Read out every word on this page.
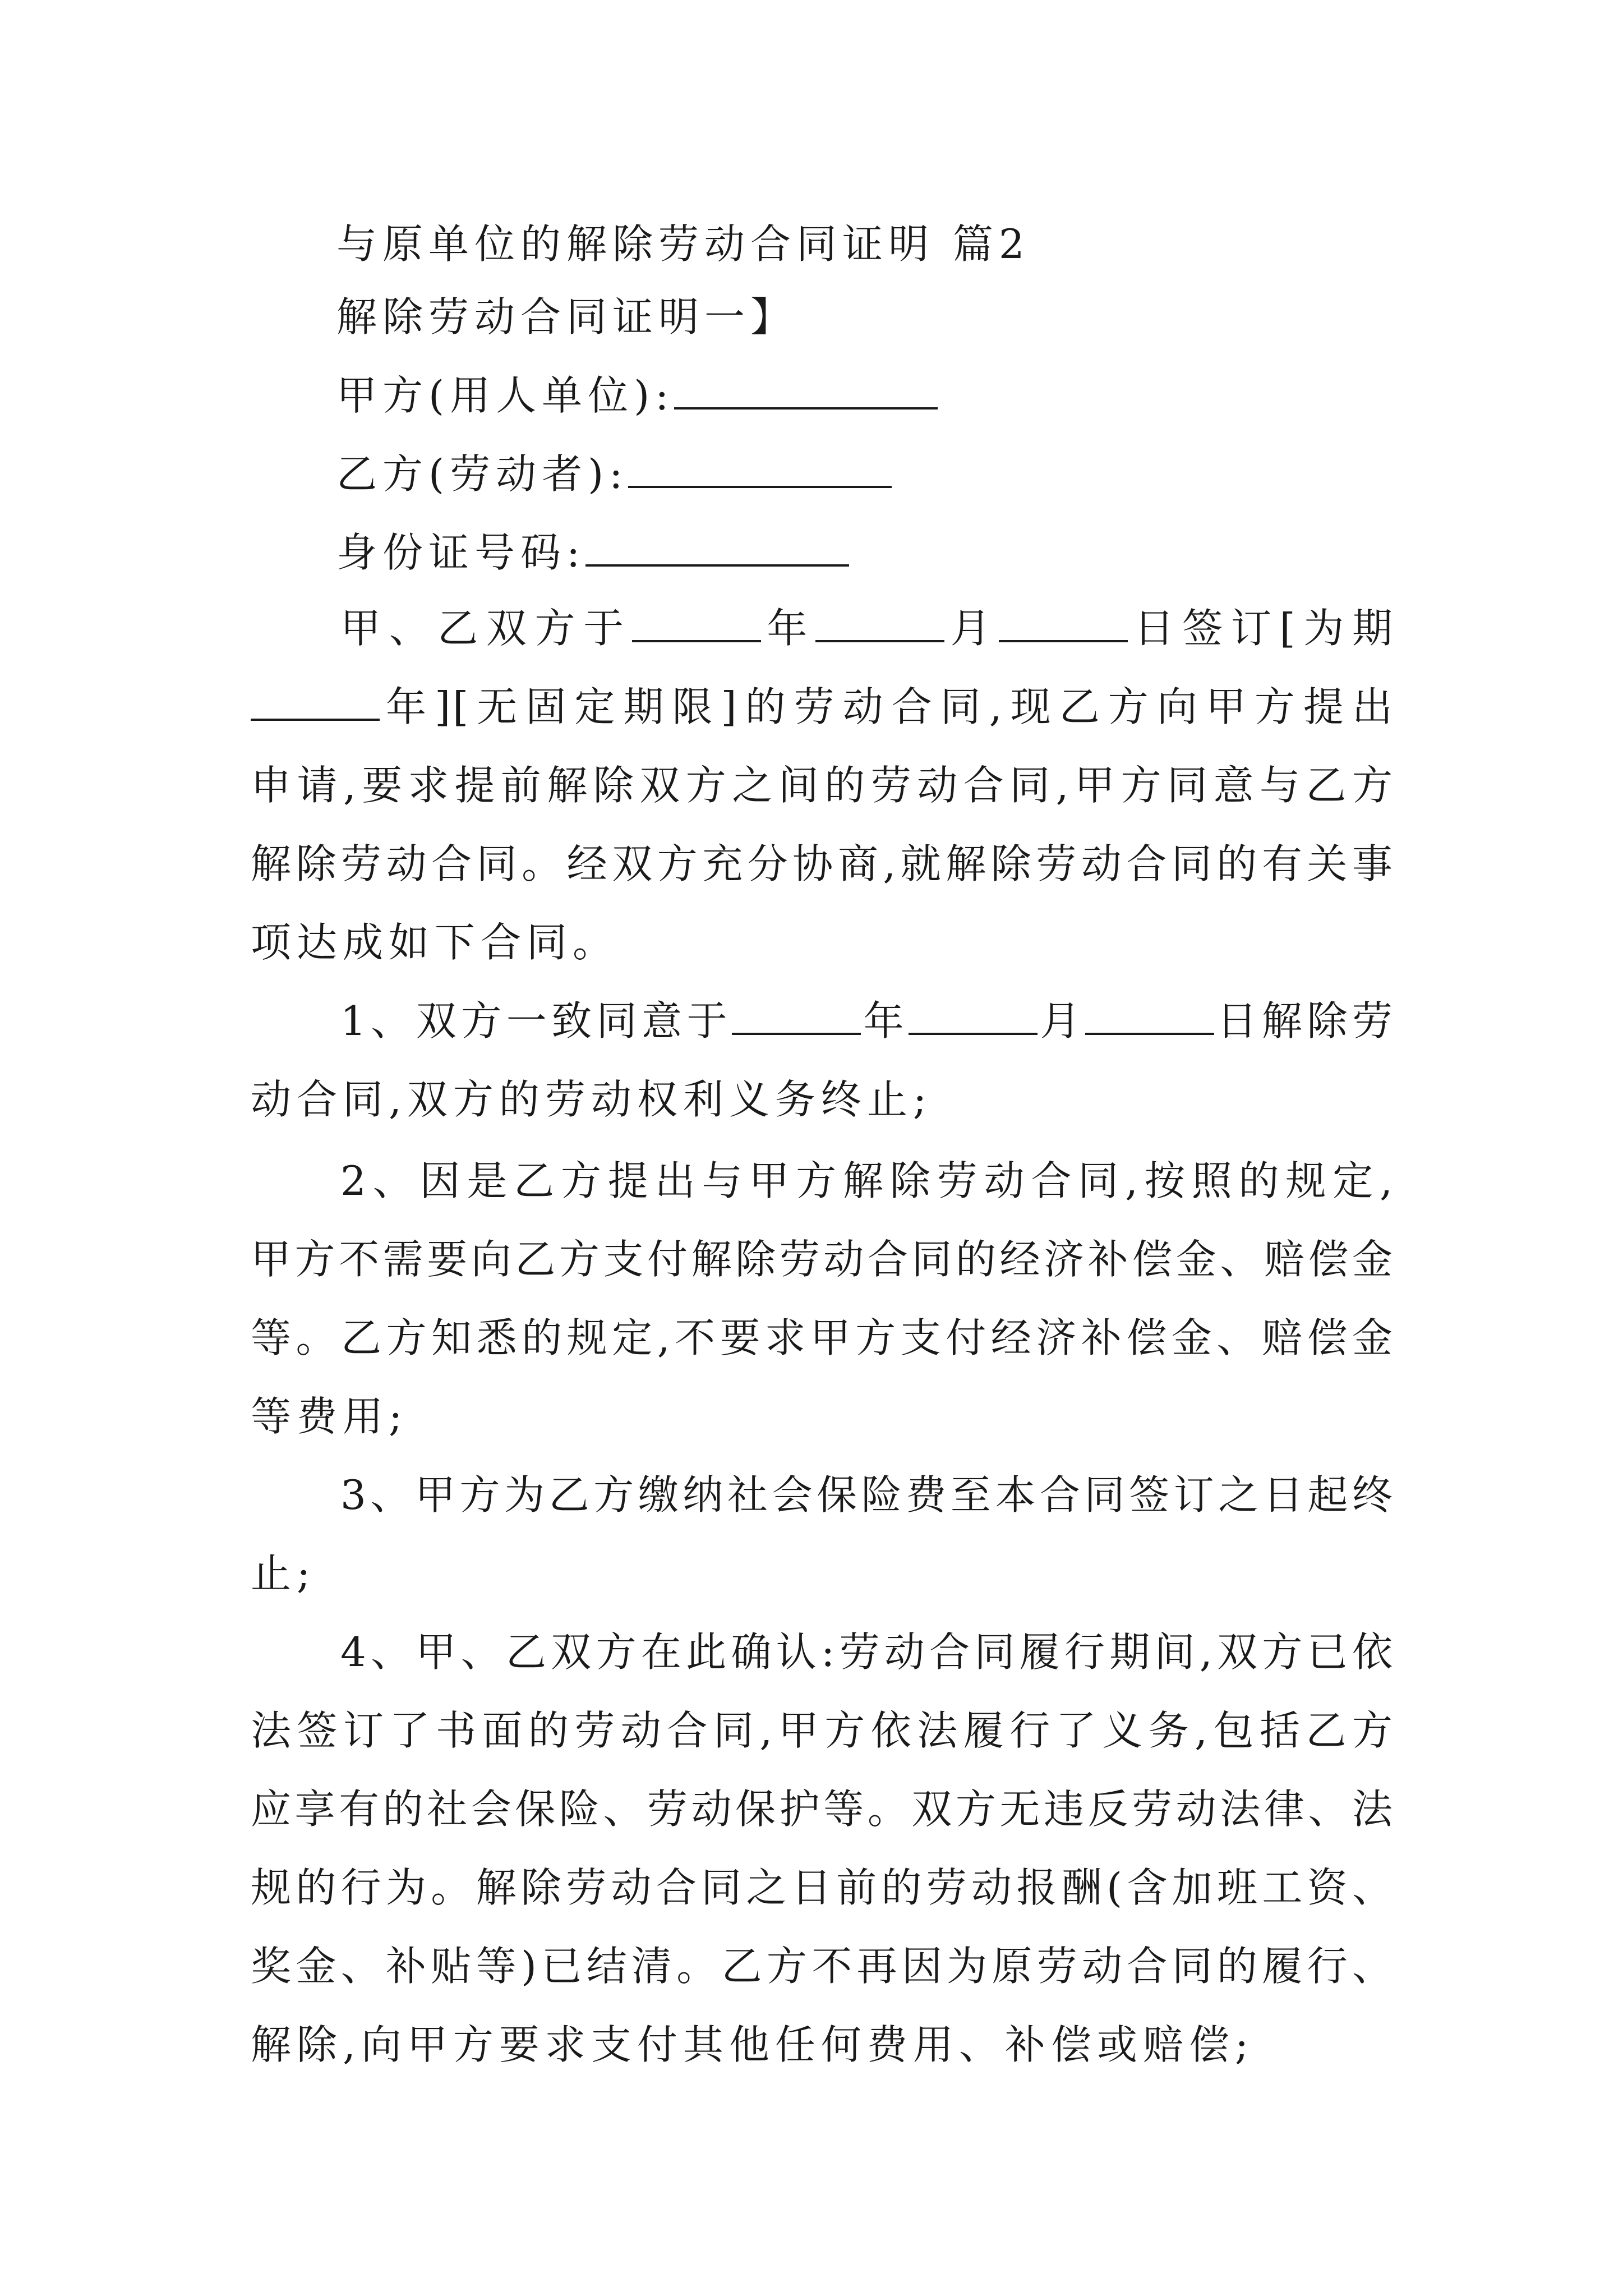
与原单位的解除劳动合同证明 篇2
解除劳动合同证明一】
甲方(用人单位):
乙方(劳动者):
身份证号码:
甲、乙双方于	年	月	日签订[为期
年][无固定期限]的劳动合同,现乙方向甲方提出
申请,要求提前解除双方之间的劳动合同,甲方同意与乙方
解除劳动合同。经双方充分协商,就解除劳动合同的有关事
项达成如下合同。
1、双方一致同意于	年	月	日解除劳
动合同,双方的劳动权利义务终止;
2、因是乙方提出与甲方解除劳动合同,按照的规定,
甲方不需要向乙方支付解除劳动合同的经济补偿金、赔偿金
等。乙方知悉的规定,不要求甲方支付经济补偿金、赔偿金
等费用;
3、甲方为乙方缴纳社会保险费至本合同签订之日起终
止;
4、甲、乙双方在此确认:劳动合同履行期间,双方已依
法签订了书面的劳动合同,甲方依法履行了义务,包括乙方
应享有的社会保险、劳动保护等。双方无违反劳动法律、法
规的行为。解除劳动合同之日前的劳动报酬(含加班工资、
奖金、补贴等)已结清。乙方不再因为原劳动合同的履行、
解除,向甲方要求支付其他任何费用、补偿或赔偿;
